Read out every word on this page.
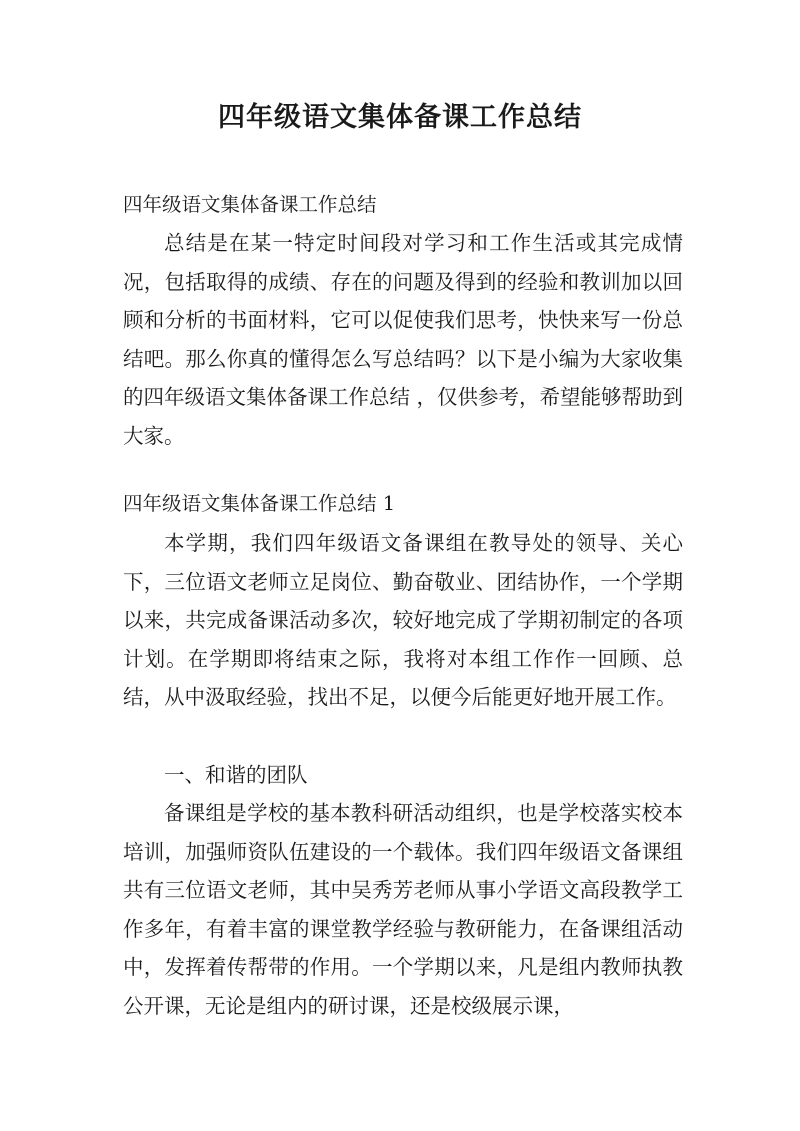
四年级语文集体备课工作总结

四年级语文集体备课工作总结

总结是在某一特定时间段对学习和工作生活或其完成情况，包括取得的成绩、存在的问题及得到的经验和教训加以回顾和分析的书面材料，它可以促使我们思考，快快来写一份总结吧。那么你真的懂得怎么写总结吗？以下是小编为大家收集的四年级语文集体备课工作总结 ，仅供参考，希望能够帮助到大家。

四年级语文集体备课工作总结 1

本学期，我们四年级语文备课组在教导处的领导、关心下，三位语文老师立足岗位、勤奋敬业、团结协作，一个学期以来，共完成备课活动多次，较好地完成了学期初制定的各项计划。在学期即将结束之际，我将对本组工作作一回顾、总结，从中汲取经验，找出不足，以便今后能更好地开展工作。

一、和谐的团队

备课组是学校的基本教科研活动组织，也是学校落实校本培训，加强师资队伍建设的一个载体。我们四年级语文备课组共有三位语文老师，其中吴秀芳老师从事小学语文高段教学工作多年，有着丰富的课堂教学经验与教研能力，在备课组活动中，发挥着传帮带的作用。一个学期以来，凡是组内教师执教公开课，无论是组内的研讨课，还是校级展示课，
